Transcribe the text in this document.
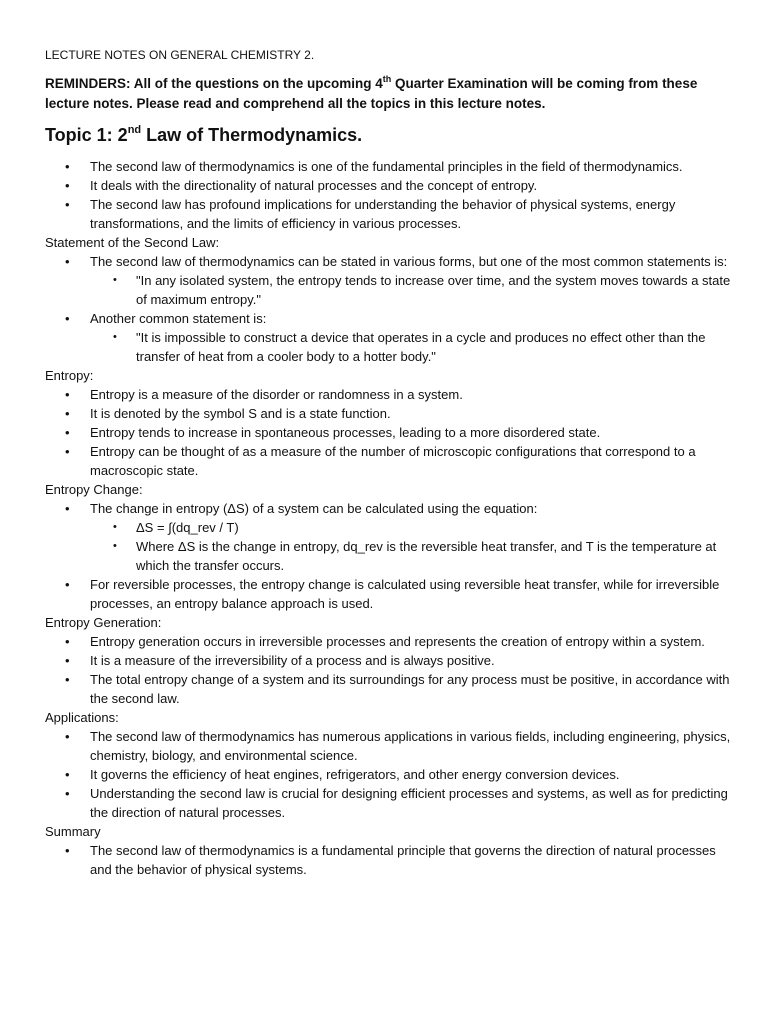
LECTURE NOTES ON GENERAL CHEMISTRY 2.

REMINDERS: All of the questions on the upcoming 4th Quarter Examination will be coming from these lecture notes. Please read and comprehend all the topics in this lecture notes.

Topic 1: 2nd Law of Thermodynamics.

• The second law of thermodynamics is one of the fundamental principles in the field of thermodynamics.
• It deals with the directionality of natural processes and the concept of entropy.
• The second law has profound implications for understanding the behavior of physical systems, energy transformations, and the limits of efficiency in various processes.

Statement of the Second Law:

• The second law of thermodynamics can be stated in various forms, but one of the most common statements is:
• "In any isolated system, the entropy tends to increase over time, and the system moves towards a state of maximum entropy."
• Another common statement is:
• "It is impossible to construct a device that operates in a cycle and produces no effect other than the transfer of heat from a cooler body to a hotter body."

Entropy:

• Entropy is a measure of the disorder or randomness in a system.
• It is denoted by the symbol S and is a state function.
• Entropy tends to increase in spontaneous processes, leading to a more disordered state.
• Entropy can be thought of as a measure of the number of microscopic configurations that correspond to a macroscopic state.

Entropy Change:

• The change in entropy (ΔS) of a system can be calculated using the equation:
• ΔS = ∫(dq_rev / T)
• Where ΔS is the change in entropy, dq_rev is the reversible heat transfer, and T is the temperature at which the transfer occurs.
• For reversible processes, the entropy change is calculated using reversible heat transfer, while for irreversible processes, an entropy balance approach is used.

Entropy Generation:

• Entropy generation occurs in irreversible processes and represents the creation of entropy within a system.
• It is a measure of the irreversibility of a process and is always positive.
• The total entropy change of a system and its surroundings for any process must be positive, in accordance with the second law.

Applications:

• The second law of thermodynamics has numerous applications in various fields, including engineering, physics, chemistry, biology, and environmental science.
• It governs the efficiency of heat engines, refrigerators, and other energy conversion devices.
• Understanding the second law is crucial for designing efficient processes and systems, as well as for predicting the direction of natural processes.

Summary

• The second law of thermodynamics is a fundamental principle that governs the direction of natural processes and the behavior of physical systems.
